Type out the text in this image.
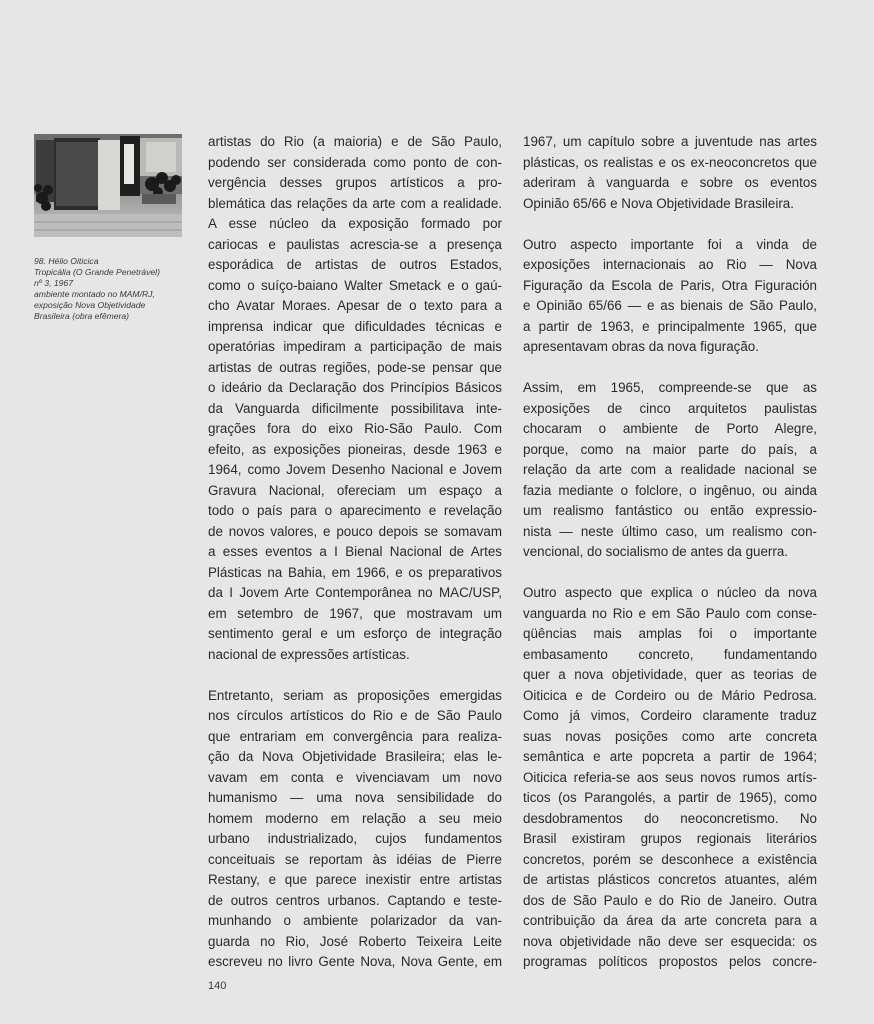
98. Hélio Oiticica
Tropicália (O Grande Penetrável)
nº 3, 1967
ambiente montado no MAM/RJ,
exposição Nova Objetividade
Brasileira (obra efêmera)
artistas do Rio (a maioria) e de São Paulo,
podendo ser considerada como ponto de con-
vergência desses grupos artísticos a pro-
blemática das relações da arte com a realidade.
A esse núcleo da exposição formado por
cariocas e paulistas acrescia-se a presença
esporádica de artistas de outros Estados,
como o suíço-baiano Walter Smetack e o gaú-
cho Avatar Moraes. Apesar de o texto para a
imprensa indicar que dificuldades técnicas e
operatórias impediram a participação de mais
artistas de outras regiões, pode-se pensar que
o ideário da Declaração dos Princípios Básicos
da Vanguarda dificilmente possibilitava inte-
grações fora do eixo Rio-São Paulo. Com
efeito, as exposições pioneiras, desde 1963 e
1964, como Jovem Desenho Nacional e Jovem
Gravura Nacional, ofereciam um espaço a
todo o país para o aparecimento e revelação
de novos valores, e pouco depois se somavam
a esses eventos a I Bienal Nacional de Artes
Plásticas na Bahia, em 1966, e os preparativos
da I Jovem Arte Contemporânea no MAC/USP,
em setembro de 1967, que mostravam um
sentimento geral e um esforço de integração
nacional de expressões artísticas.
Entretanto, seriam as proposições emergidas
nos círculos artísticos do Rio e de São Paulo
que entrariam em convergência para realiza-
ção da Nova Objetividade Brasileira; elas le-
vavam em conta e vivenciavam um novo
humanismo — uma nova sensibilidade do
homem moderno em relação a seu meio
urbano industrializado, cujos fundamentos
conceituais se reportam às idéias de Pierre
Restany, e que parece inexistir entre artistas
de outros centros urbanos. Captando e teste-
munhando o ambiente polarizador da van-
guarda no Rio, José Roberto Teixeira Leite
escreveu no livro Gente Nova, Nova Gente, em
1967, um capítulo sobre a juventude nas artes
plásticas, os realistas e os ex-neoconcretos que
aderiram à vanguarda e sobre os eventos
Opinião 65/66 e Nova Objetividade Brasileira.
Outro aspecto importante foi a vinda de
exposições internacionais ao Rio — Nova
Figuração da Escola de Paris, Otra Figuración
e Opinião 65/66 — e as bienais de São Paulo,
a partir de 1963, e principalmente 1965, que
apresentavam obras da nova figuração.
Assim, em 1965, compreende-se que as
exposições de cinco arquitetos paulistas
chocaram o ambiente de Porto Alegre,
porque, como na maior parte do país, a
relação da arte com a realidade nacional se
fazia mediante o folclore, o ingênuo, ou ainda
um realismo fantástico ou então expressio-
nista — neste último caso, um realismo con-
vencional, do socialismo de antes da guerra.
Outro aspecto que explica o núcleo da nova
vanguarda no Rio e em São Paulo com conse-
qüências mais amplas foi o importante
embasamento concreto, fundamentando
quer a nova objetividade, quer as teorias de
Oiticica e de Cordeiro ou de Mário Pedrosa.
Como já vimos, Cordeiro claramente traduz
suas novas posições como arte concreta
semântica e arte popcreta a partir de 1964;
Oiticica referia-se aos seus novos rumos artís-
ticos (os Parangolés, a partir de 1965), como
desdobramentos do neoconcretismo. No
Brasil existiram grupos regionais literários
concretos, porém se desconhece a existência
de artistas plásticos concretos atuantes, além
dos de São Paulo e do Rio de Janeiro. Outra
contribuição da área da arte concreta para a
nova objetividade não deve ser esquecida: os
programas políticos propostos pelos concre-
140
